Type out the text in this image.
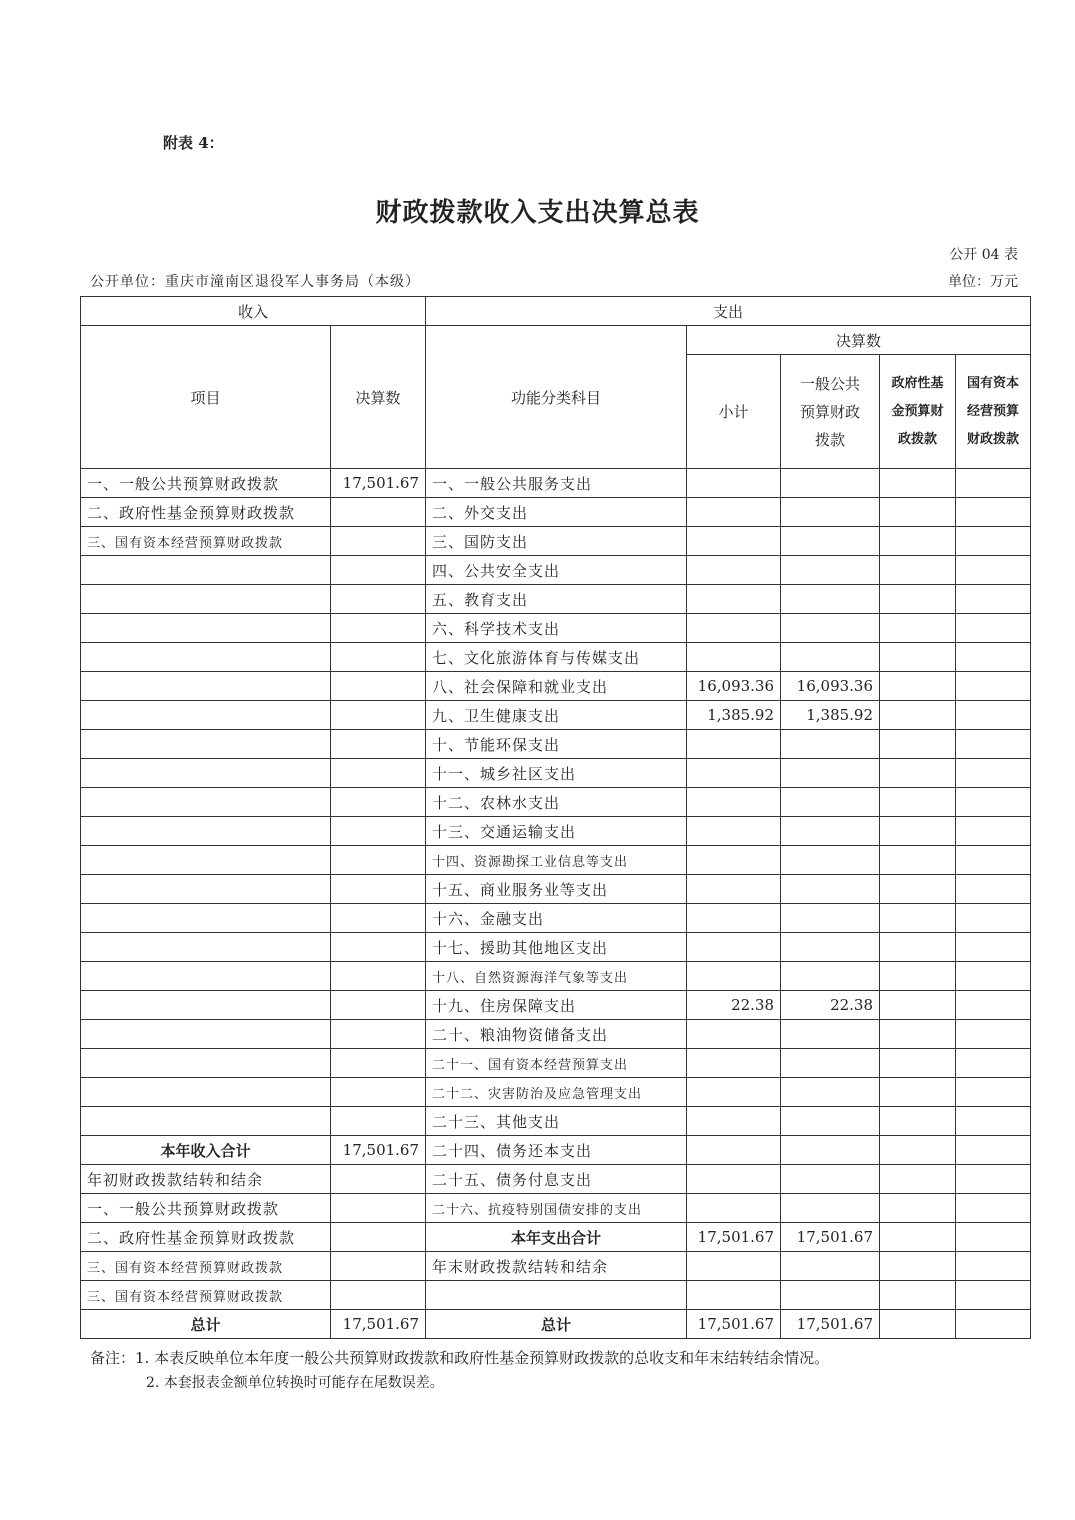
附表 4：
财政拨款收入支出决算总表
公开 04 表
公开单位：重庆市潼南区退役军人事务局（本级）	单位：万元
收入		支出				
项目	决算数	功能分类科目	决算数			
			小计	一般公共预算财政拨款	政府性基金预算财政拨款	国有资本经营预算财政拨款
一、一般公共预算财政拨款	17,501.67	一、一般公共服务支出				
二、政府性基金预算财政拨款		二、外交支出				
三、国有资本经营预算财政拨款		三、国防支出				
		四、公共安全支出				
		五、教育支出				
		六、科学技术支出				
		七、文化旅游体育与传媒支出				
		八、社会保障和就业支出	16,093.36	16,093.36		
		九、卫生健康支出	1,385.92	1,385.92		
		十、节能环保支出				
		十一、城乡社区支出				
		十二、农林水支出				
		十三、交通运输支出				
		十四、资源勘探工业信息等支出				
		十五、商业服务业等支出				
		十六、金融支出				
		十七、援助其他地区支出				
		十八、自然资源海洋气象等支出				
		十九、住房保障支出	22.38	22.38		
		二十、粮油物资储备支出				
		二十一、国有资本经营预算支出				
		二十二、灾害防治及应急管理支出				
		二十三、其他支出				
本年收入合计	17,501.67	二十四、债务还本支出				
年初财政拨款结转和结余		二十五、债务付息支出				
一、一般公共预算财政拨款		二十六、抗疫特别国债安排的支出				
二、政府性基金预算财政拨款		本年支出合计	17,501.67	17,501.67		
三、国有资本经营预算财政拨款		年末财政拨款结转和结余				
三、国有资本经营预算财政拨款						
总计	17,501.67	总计	17,501.67	17,501.67		
备注：1. 本表反映单位本年度一般公共预算财政拨款和政府性基金预算财政拨款的总收支和年末结转结余情况。
2. 本套报表金额单位转换时可能存在尾数误差。
